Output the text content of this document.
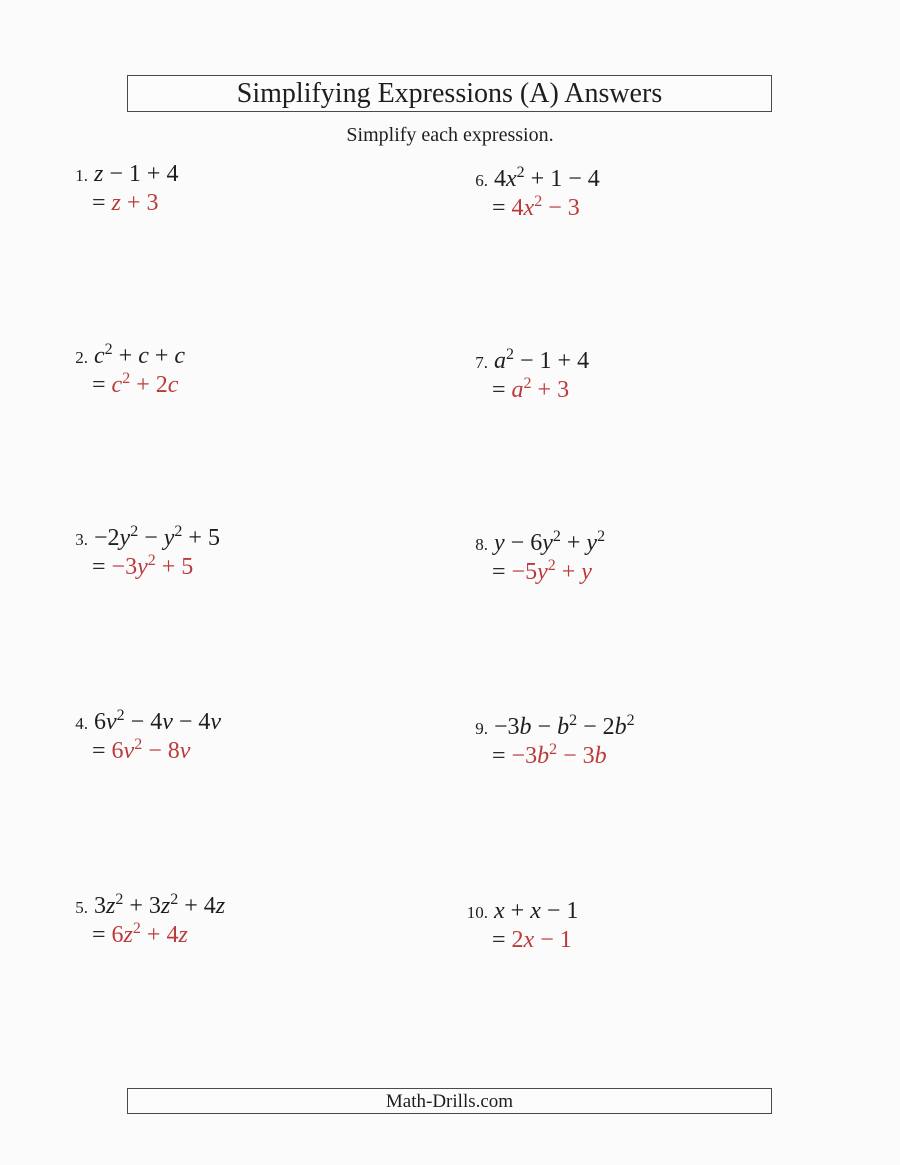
Simplifying Expressions (A) Answers
Simplify each expression.
1. z − 1 + 4
= z + 3
2. $c^2 + c + c$
= $c^2 + 2c$
3. $-2y^2 - y^2 + 5$
= $-3y^2 + 5$
4. $6v^2 - 4v - 4v$
= $6v^2 - 8v$
5. $3z^2 + 3z^2 + 4z$
= $6z^2 + 4z$
6. $4x^2 + 1 - 4$
= $4x^2 - 3$
7. $a^2 - 1 + 4$
= $a^2 + 3$
8. $y - 6y^2 + y^2$
= $-5y^2 + y$
9. $-3b - b^2 - 2b^2$
= $-3b^2 - 3b$
10. x + x − 1
= 2x − 1
Math-Drills.com
